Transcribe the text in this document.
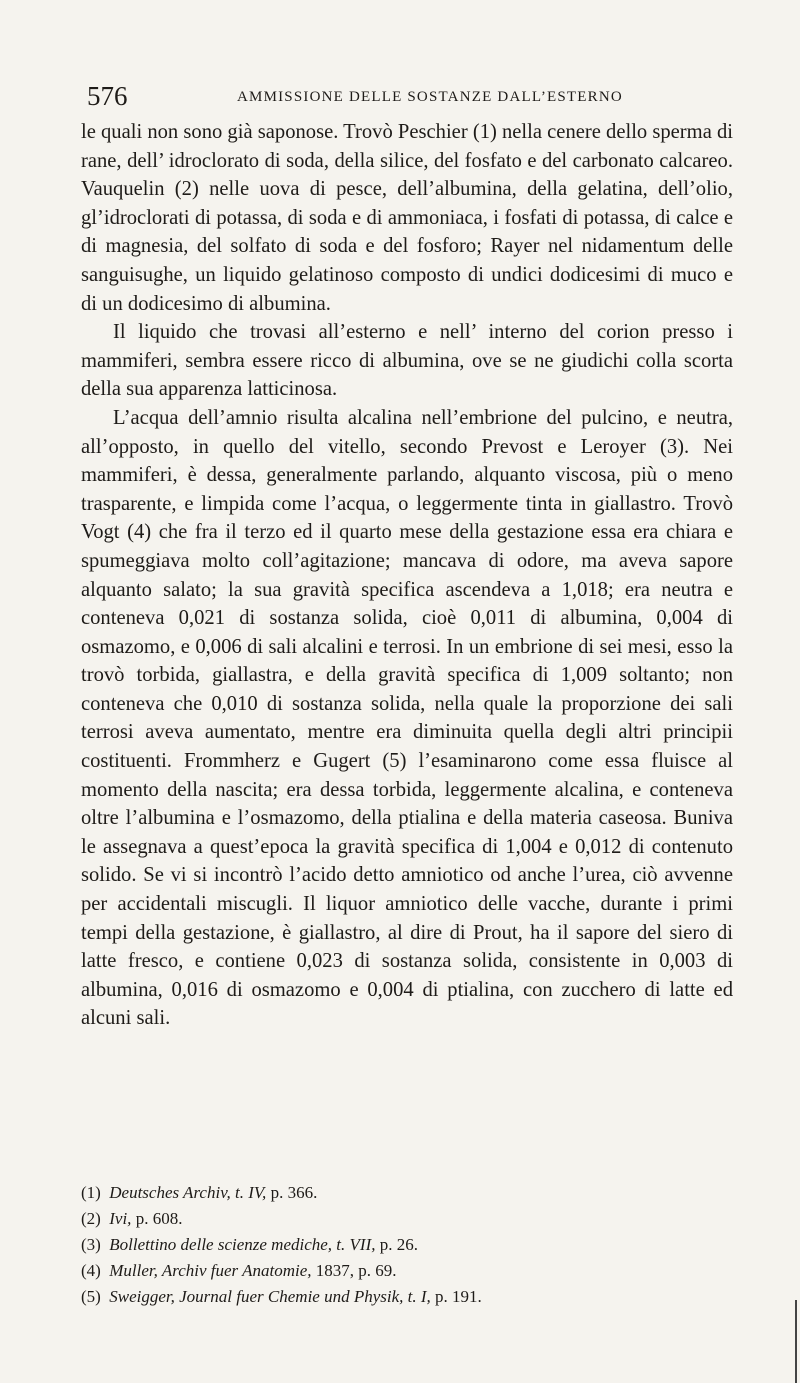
576	AMMISSIONE DELLE SOSTANZE DALL’ESTERNO

le quali non sono già saponose. Trovò Peschier (1) nella cenere dello sperma di rane, dell’ idroclorato di soda, della silice, del fosfato e del carbonato calcareo. Vauquelin (2) nelle uova di pesce, dell’albumina, della gelatina, dell’olio, gl’idroclorati di potassa, di soda e di ammoniaca, i fosfati di potassa, di calce e di magnesia, del solfato di soda e del fosforo; Rayer nel nidamentum delle sanguisughe, un liquido gelatinoso composto di undici dodicesimi di muco e di un dodicesimo di albumina.

Il liquido che trovasi all’esterno e nell’ interno del corion presso i mammiferi, sembra essere ricco di albumina, ove se ne giudichi colla scorta della sua apparenza latticinosa.

L’acqua dell’amnio risulta alcalina nell’embrione del pulcino, e neutra, all’opposto, in quello del vitello, secondo Prevost e Leroyer (3). Nei mammiferi, è dessa, generalmente parlando, alquanto viscosa, più o meno trasparente, e limpida come l’acqua, o leggermente tinta in giallastro. Trovò Vogt (4) che fra il terzo ed il quarto mese della gestazione essa era chiara e spumeggiava molto coll’agitazione; mancava di odore, ma aveva sapore alquanto salato; la sua gravità specifica ascendeva a 1,018; era neutra e conteneva 0,021 di sostanza solida, cioè 0,011 di albumina, 0,004 di osmazomo, e 0,006 di sali alcalini e terrosi. In un embrione di sei mesi, esso la trovò torbida, giallastra, e della gravità specifica di 1,009 soltanto; non conteneva che 0,010 di sostanza solida, nella quale la proporzione dei sali terrosi aveva aumentato, mentre era diminuita quella degli altri principii costituenti. Frommherz e Gugert (5) l’esaminarono come essa fluisce al momento della nascita; era dessa torbida, leggermente alcalina, e conteneva oltre l’albumina e l’osmazomo, della ptialina e della materia caseosa. Buniva le assegnava a quest’epoca la gravità specifica di 1,004 e 0,012 di contenuto solido. Se vi si incontrò l’acido detto amniotico od anche l’urea, ciò avvenne per accidentali miscugli. Il liquor amniotico delle vacche, durante i primi tempi della gestazione, è giallastro, al dire di Prout, ha il sapore del siero di latte fresco, e contiene 0,023 di sostanza solida, consistente in 0,003 di albumina, 0,016 di osmazomo e 0,004 di ptialina, con zucchero di latte ed alcuni sali.

(1) Deutsches Archiv, t. IV, p. 366.

(2) Ivi, p. 608.

(3) Bollettino delle scienze mediche, t. VII, p. 26.

(4) Muller, Archiv fuer Anatomie, 1837, p. 69.

(5) Sweigger, Journal fuer Chemie und Physik, t. I, p. 191.
